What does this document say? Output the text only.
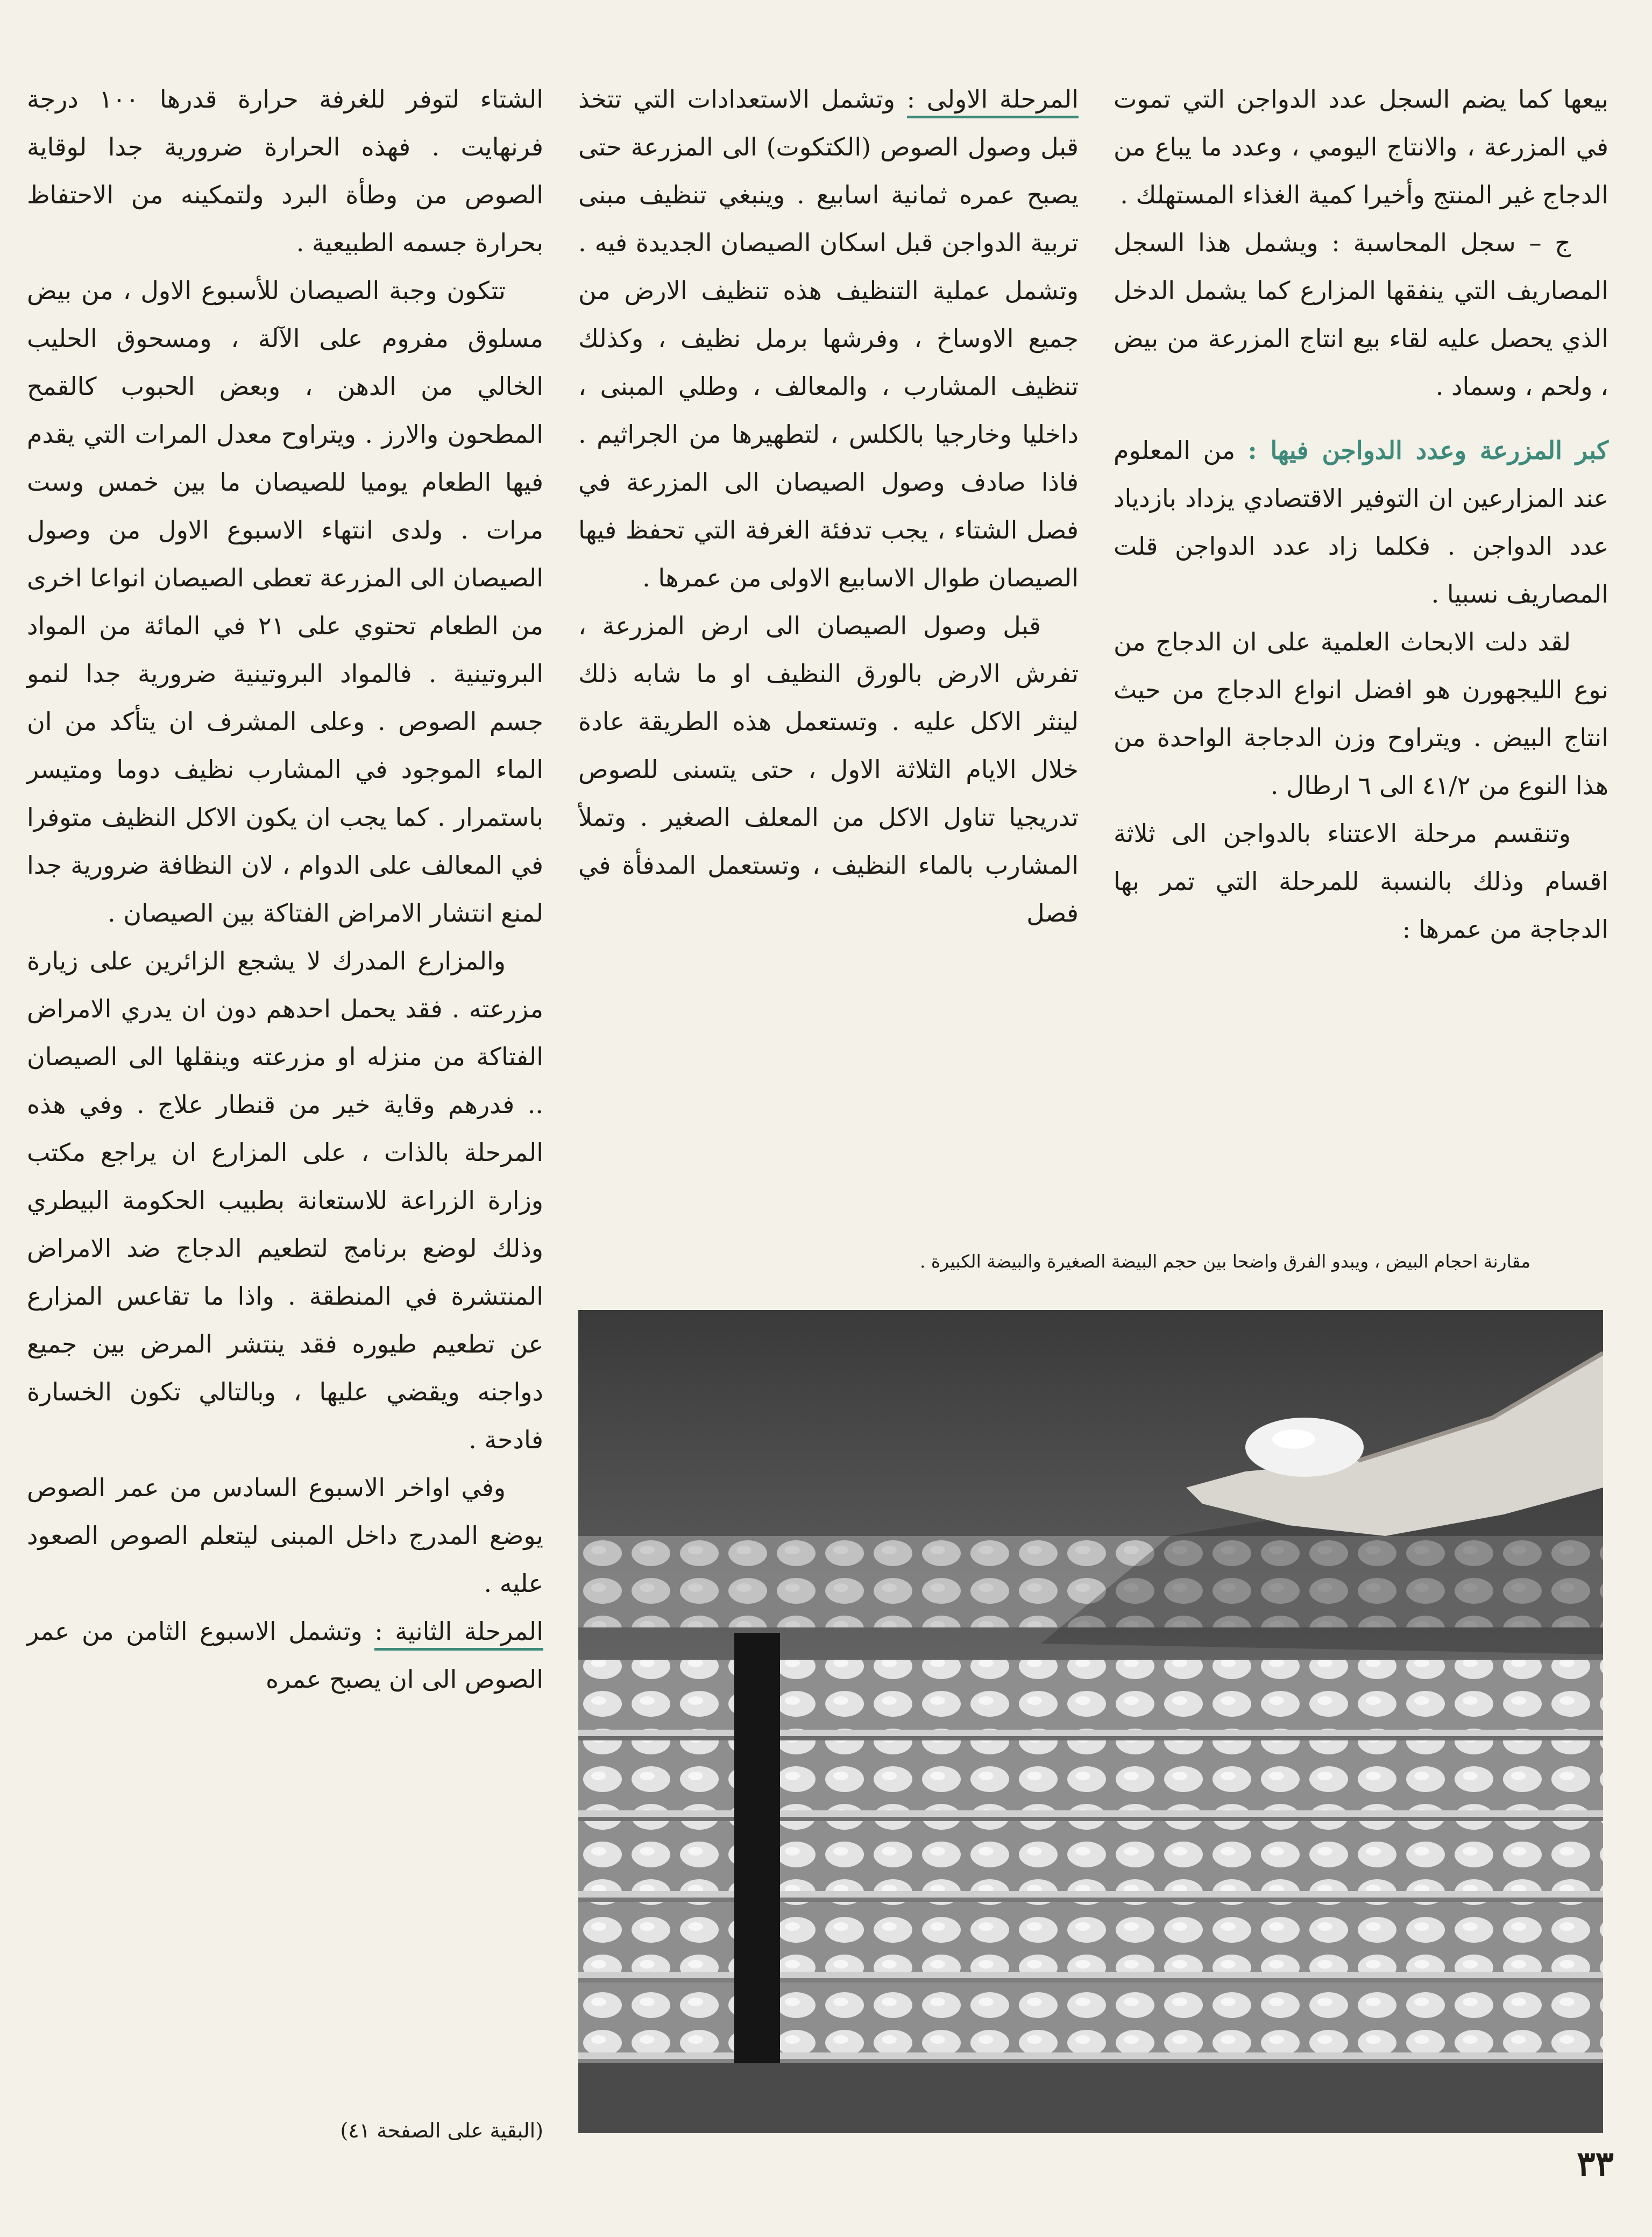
بيعها كما يضم السجل عدد الدواجن التي تموت في المزرعة ، والانتاج اليومي ، وعدد ما يباع من الدجاج غير المنتج وأخيرا كمية الغذاء المستهلك .

ج – سجل المحاسبة : ويشمل هذا السجل المصاريف التي ينفقها المزارع كما يشمل الدخل الذي يحصل عليه لقاء بيع انتاج المزرعة من بيض ، ولحم ، وسماد .

كبر المزرعة وعدد الدواجن فيها : من المعلوم عند المزارعين ان التوفير الاقتصادي يزداد بازدياد عدد الدواجن . فكلما زاد عدد الدواجن قلت المصاريف نسبيا .

لقد دلت الابحاث العلمية على ان الدجاج من نوع الليجهورن هو افضل انواع الدجاج من حيث انتاج البيض . ويتراوح وزن الدجاجة الواحدة من هذا النوع من ٤١/٢ الى ٦ ارطال .

وتنقسم مرحلة الاعتناء بالدواجن الى ثلاثة اقسام وذلك بالنسبة للمرحلة التي تمر بها الدجاجة من عمرها :

المرحلة الاولى : وتشمل الاستعدادات التي تتخذ قبل وصول الصوص (الكتكوت) الى المزرعة حتى يصبح عمره ثمانية اسابيع . وينبغي تنظيف مبنى تربية الدواجن قبل اسكان الصيصان الجديدة فيه . وتشمل عملية التنظيف هذه تنظيف الارض من جميع الاوساخ ، وفرشها برمل نظيف ، وكذلك تنظيف المشارب ، والمعالف ، وطلي المبنى ، داخليا وخارجيا بالكلس ، لتطهيرها من الجراثيم . فاذا صادف وصول الصيصان الى المزرعة في فصل الشتاء ، يجب تدفئة الغرفة التي تحفظ فيها الصيصان طوال الاسابيع الاولى من عمرها .

قبل وصول الصيصان الى ارض المزرعة ، تفرش الارض بالورق النظيف او ما شابه ذلك لينثر الاكل عليه . وتستعمل هذه الطريقة عادة خلال الايام الثلاثة الاول ، حتى يتسنى للصوص تدريجيا تناول الاكل من المعلف الصغير . وتملأ المشارب بالماء النظيف ، وتستعمل المدفأة في فصل

الشتاء لتوفر للغرفة حرارة قدرها ١٠٠ درجة فرنهايت . فهذه الحرارة ضرورية جدا لوقاية الصوص من وطأة البرد ولتمكينه من الاحتفاظ بحرارة جسمه الطبيعية .

تتكون وجبة الصيصان للأسبوع الاول ، من بيض مسلوق مفروم على الآلة ، ومسحوق الحليب الخالي من الدهن ، وبعض الحبوب كالقمح المطحون والارز . ويتراوح معدل المرات التي يقدم فيها الطعام يوميا للصيصان ما بين خمس وست مرات . ولدى انتهاء الاسبوع الاول من وصول الصيصان الى المزرعة تعطى الصيصان انواعا اخرى من الطعام تحتوي على ٢١ في المائة من المواد البروتينية . فالمواد البروتينية ضرورية جدا لنمو جسم الصوص . وعلى المشرف ان يتأكد من ان الماء الموجود في المشارب نظيف دوما ومتيسر باستمرار . كما يجب ان يكون الاكل النظيف متوفرا في المعالف على الدوام ، لان النظافة ضرورية جدا لمنع انتشار الامراض الفتاكة بين الصيصان .

والمزارع المدرك لا يشجع الزائرين على زيارة مزرعته . فقد يحمل احدهم دون ان يدري الامراض الفتاكة من منزله او مزرعته وينقلها الى الصيصان .. فدرهم وقاية خير من قنطار علاج . وفي هذه المرحلة بالذات ، على المزارع ان يراجع مكتب وزارة الزراعة للاستعانة بطبيب الحكومة البيطري وذلك لوضع برنامج لتطعيم الدجاج ضد الامراض المنتشرة في المنطقة . واذا ما تقاعس المزارع عن تطعيم طيوره فقد ينتشر المرض بين جميع دواجنه ويقضي عليها ، وبالتالي تكون الخسارة فادحة .

وفي اواخر الاسبوع السادس من عمر الصوص يوضع المدرج داخل المبنى ليتعلم الصوص الصعود عليه .

المرحلة الثانية : وتشمل الاسبوع الثامن من عمر الصوص الى ان يصبح عمره

(البقية على الصفحة ٤١)
مقارنة احجام البيض ، ويبدو الفرق واضحا بين حجم البيضة الصغيرة والبيضة الكبيرة .
٣٣
